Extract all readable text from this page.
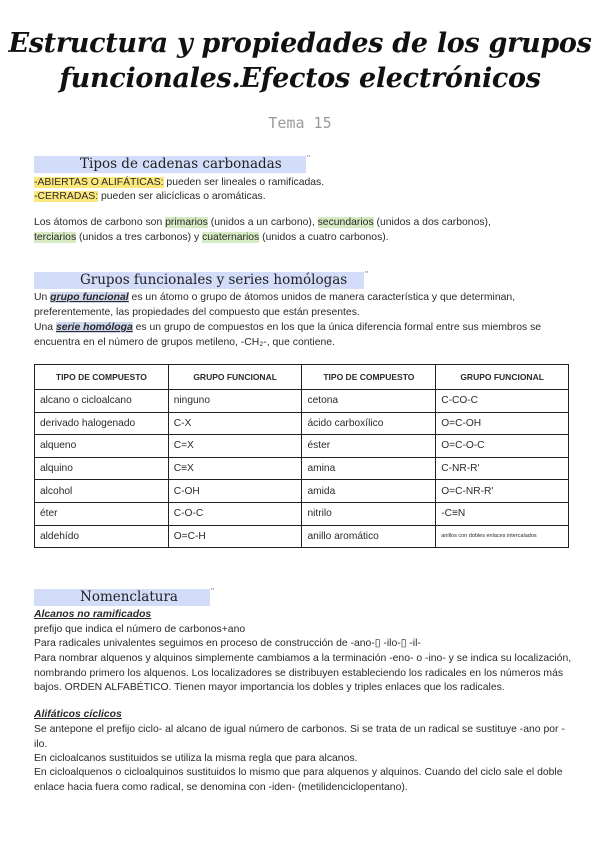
Estructura y propiedades de los grupos
funcionales.Efectos electrónicos
Tema 15
Tipos de cadenas carbonadas ¨
-ABIERTAS O ALIFÁTICAS: pueden ser lineales o ramificadas.
-CERRADAS: pueden ser alicíclicas o aromáticas.
Los átomos de carbono son primarios (unidos a un carbono), secundarios (unidos a dos carbonos),
terciarios (unidos a tres carbonos) y cuaternarios (unidos a cuatro carbonos).
Grupos funcionales y series homólogas ¨
Un grupo funcional es un átomo o grupo de átomos unidos de manera característica y que determinan, preferentemente, las propiedades del compuesto que están presentes.
Una serie homóloga es un grupo de compuestos en los que la única diferencia formal entre sus miembros se encuentra en el número de grupos metileno, -CH₂-, que contiene.
TIPO DE COMPUESTO	GRUPO FUNCIONAL	TIPO DE COMPUESTO	GRUPO FUNCIONAL
alcano o cicloalcano	ninguno	cetona	C-CO-C
derivado halogenado	C-X	ácido carboxílico	O=C-OH
alqueno	C=X	éster	O=C-O-C
alquino	C≡X	amina	C-NR-R'
alcohol	C-OH	amida	O=C-NR-R'
éter	C-O-C	nitrilo	-C≡N
aldehído	O=C-H	anillo aromático	anillos con dobles enlaces intercalados
Nomenclatura	¨
Alcanos no ramificados
prefijo que indica el número de carbonos+ano
Para radicales univalentes seguimos en proceso de construcción de -ano-▯ -ilo-▯ -il-
Para nombrar alquenos y alquinos simplemente cambiamos a la terminación -eno- o -ino- y se indica su localización, nombrando primero los alquenos. Los localizadores se distribuyen estableciendo los radicales en los números más bajos. ORDEN ALFABÉTICO. Tienen mayor importancia los dobles y triples enlaces que los radicales.
Alifáticos cíclicos
Se antepone el prefijo ciclo- al alcano de igual número de carbonos. Si se trata de un radical se sustituye -ano por -ilo.
En cicloalcanos sustituidos se utiliza la misma regla que para alcanos.
En cicloalquenos o cicloalquinos sustituidos lo mismo que para alquenos y alquinos. Cuando del ciclo sale el doble enlace hacia fuera como radical, se denomina con -iden- (metilidenciclopentano).
